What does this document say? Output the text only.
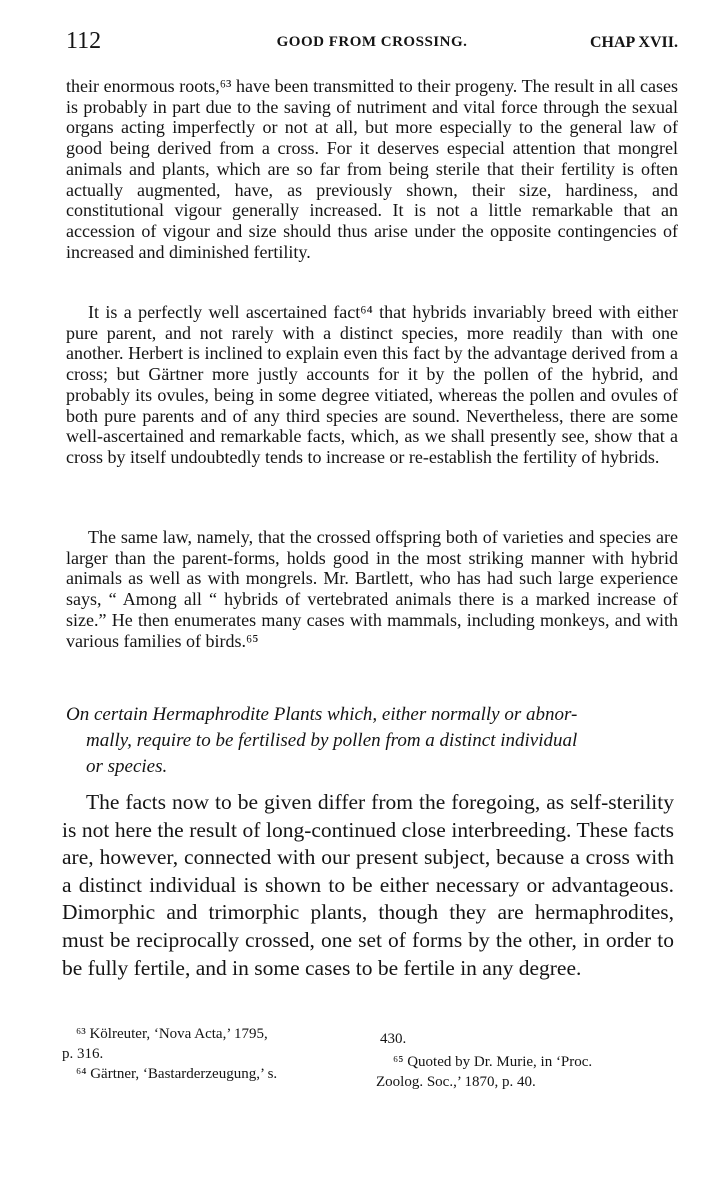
112	GOOD FROM CROSSING.	CHAP XVII.

their enormous roots,⁶³ have been transmitted to their progeny. The result in all cases is probably in part due to the saving of nutriment and vital force through the sexual organs acting imperfectly or not at all, but more especially to the general law of good being derived from a cross. For it deserves especial attention that mongrel animals and plants, which are so far from being sterile that their fertility is often actually augmented, have, as previously shown, their size, hardiness, and constitutional vigour generally increased. It is not a little remarkable that an accession of vigour and size should thus arise under the opposite contingencies of increased and diminished fertility.

It is a perfectly well ascertained fact⁶⁴ that hybrids invariably breed with either pure parent, and not rarely with a distinct species, more readily than with one another. Herbert is inclined to explain even this fact by the advantage derived from a cross; but Gärtner more justly accounts for it by the pollen of the hybrid, and probably its ovules, being in some degree vitiated, whereas the pollen and ovules of both pure parents and of any third species are sound. Nevertheless, there are some well-ascertained and remarkable facts, which, as we shall presently see, show that a cross by itself undoubtedly tends to increase or re-establish the fertility of hybrids.

The same law, namely, that the crossed offspring both of varieties and species are larger than the parent-forms, holds good in the most striking manner with hybrid animals as well as with mongrels. Mr. Bartlett, who has had such large experience says, “ Among all “ hybrids of vertebrated animals there is a marked increase of size.” He then enumerates many cases with mammals, including monkeys, and with various families of birds.⁶⁵

On certain Hermaphrodite Plants which, either normally or abnor-
mally, require to be fertilised by pollen from a distinct individual
or species.

The facts now to be given differ from the foregoing, as self-sterility is not here the result of long-continued close interbreeding. These facts are, however, connected with our present subject, because a cross with a distinct individual is shown to be either necessary or advantageous. Dimorphic and trimorphic plants, though they are hermaphrodites, must be reciprocally crossed, one set of forms by the other, in order to be fully fertile, and in some cases to be fertile in any degree.

⁶³ Kölreuter, ‘Nova Acta,’ 1795,	430.
p. 316.
⁶⁴ Gärtner, ‘Bastarderzeugung,’ s.
⁶⁵ Quoted by Dr. Murie, in ‘Proc.
Zoolog. Soc.,’ 1870, p. 40.
